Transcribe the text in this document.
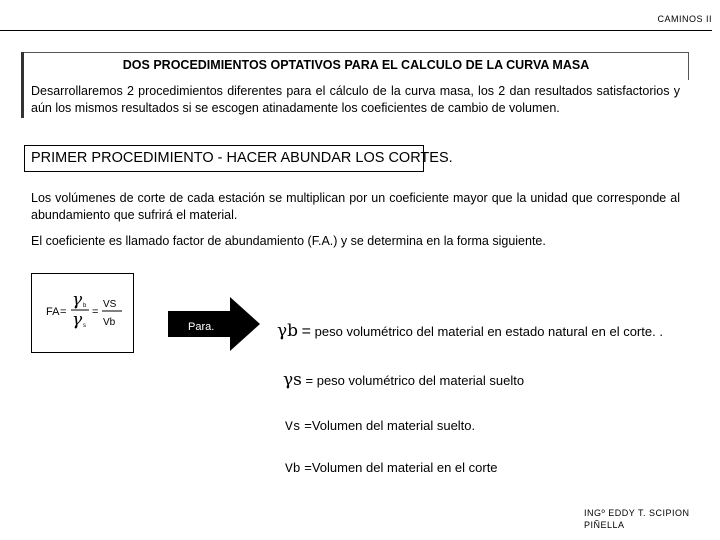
CAMINOS II
DOS PROCEDIMIENTOS OPTATIVOS PARA EL CALCULO DE LA CURVA MASA
Desarrollaremos 2 procedimientos diferentes para el cálculo de la curva masa, los 2 dan resultados satisfactorios y aún los mismos resultados si se escogen atinadamente los coeficientes de cambio de volumen.
PRIMER PROCEDIMIENTO - HACER ABUNDAR LOS CORTES.
Los volúmenes de corte de cada estación se multiplican por un coeficiente mayor que la unidad que corresponde al abundamiento que sufrirá el material.
El coeficiente es llamado factor de abundamiento (F.A.) y se determina en la forma siguiente.
FA =
γ b
γ s
=
VS
Vb	Para.	γb = peso volumétrico del material en estado natural en el corte. .
γs = peso volumétrico del material suelto
Vs =Volumen del material suelto.
Vb =Volumen del material en el corte
INGº EDDY T. SCIPION
PIÑELLA
